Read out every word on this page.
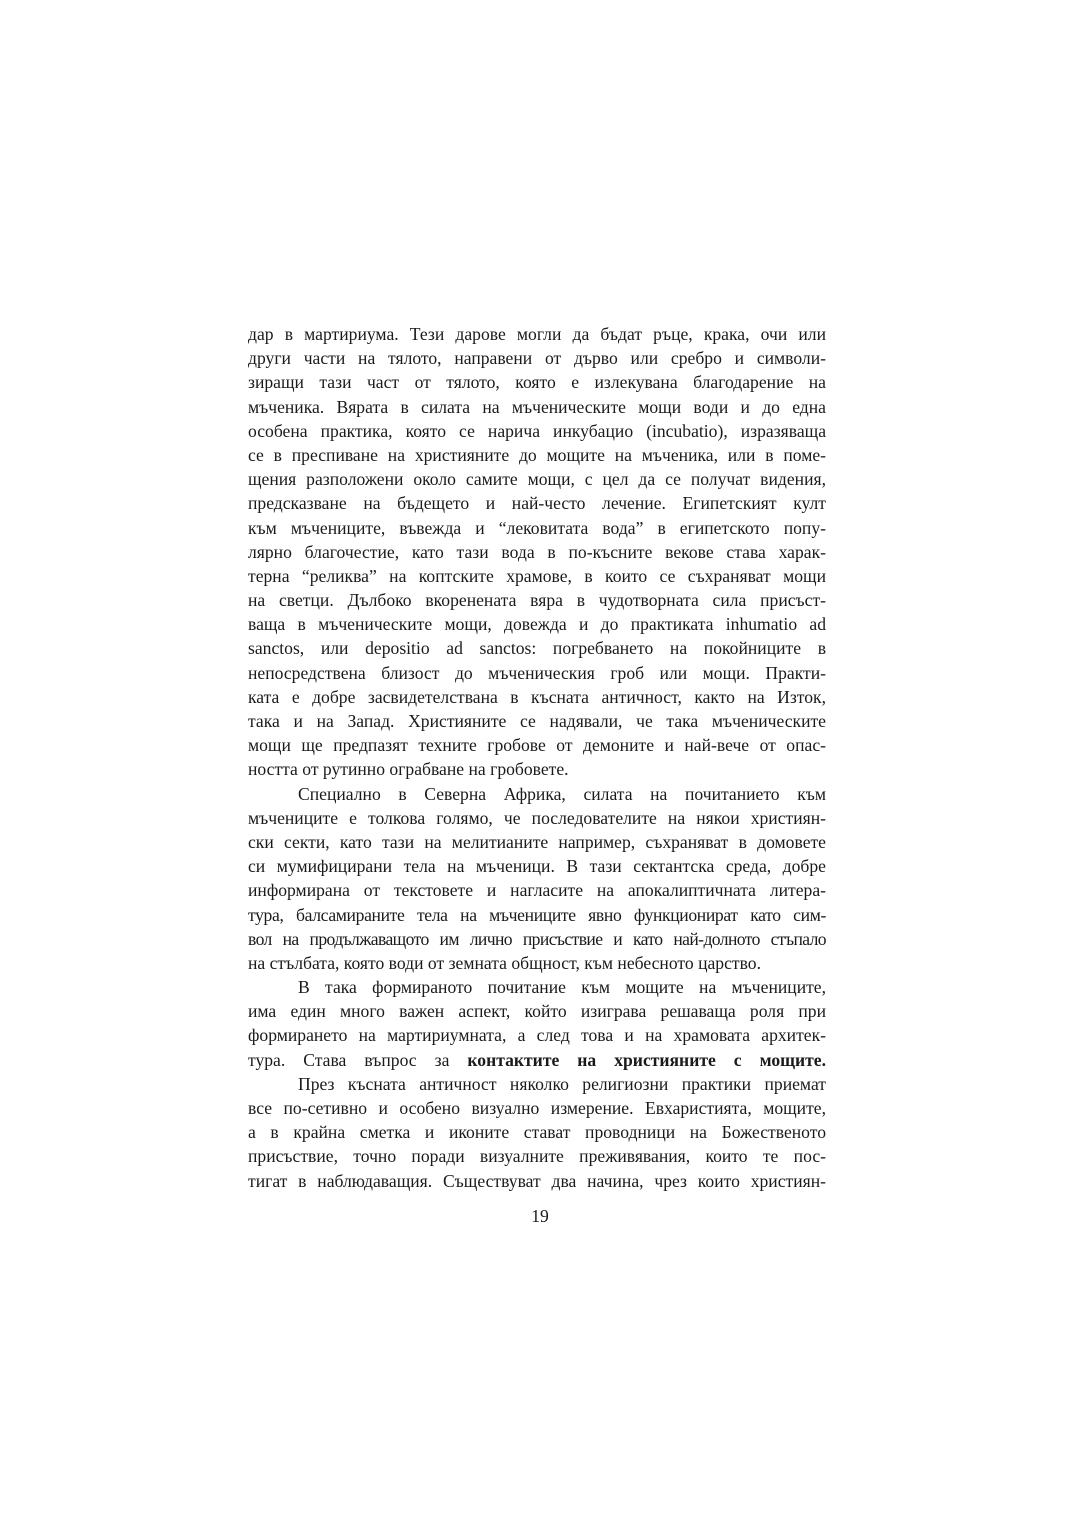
дар в мартириума. Тези дарове могли да бъдат ръце, крака, очи или
други части на тялото, направени от дърво или сребро и символи-
зиращи тази част от тялото, която е излекувана благодарение на
мъченика. Вярата в силата на мъченическите мощи води и до една
особена практика, която се нарича инкубацио (incubatio), изразяваща
се в преспиване на християните до мощите на мъченика, или в поме-
щения разположени около самите мощи, с цел да се получат видения,
предсказване на бъдещето и най-често лечение. Египетският култ
към мъчениците, въвежда и “лековитата вода” в египетското попу-
лярно благочестие, като тази вода в по-късните векове става харак-
терна “реликва” на коптските храмове, в които се съхраняват мощи
на светци. Дълбоко вкоренената вяра в чудотворната сила присъст-
ваща в мъченическите мощи, довежда и до практиката inhumatio ad
sanctos, или depositio ad sanctos: погребването на покойниците в
непосредствена близост до мъченическия гроб или мощи. Практи-
ката е добре засвидетелствана в късната античност, както на Изток,
така и на Запад. Християните се надявали, че така мъченическите
мощи ще предпазят техните гробове от демоните и най-вече от опас-
ността от рутинно ограбване на гробовете.
Специално в Северна Африка, силата на почитанието към
мъчениците е толкова голямо, че последователите на някои християн-
ски секти, като тази на мелитианите например, съхраняват в домовете
си мумифицирани тела на мъченици. В тази сектантска среда, добре
информирана от текстовете и нагласите на апокалиптичната литера-
тура, балсамираните тела на мъчениците явно функционират като сим-
вол на продължаващото им лично присъствие и като най-долното стъпало
на стълбата, която води от земната общност, към небесното царство.
В така формираното почитание към мощите на мъчениците,
има един много важен аспект, който изиграва решаваща роля при
формирането на мартириумната, а след това и на храмовата архитек-
тура. Става въпрос за контактите на християните с мощите.
През късната античност няколко религиозни практики приемат
все по-сетивно и особено визуално измерение. Евхаристията, мощите,
а в крайна сметка и иконите стават проводници на Божественото
присъствие, точно поради визуалните преживявания, които те пос-
тигат в наблюдаващия. Съществуват два начина, чрез които християн-
19
